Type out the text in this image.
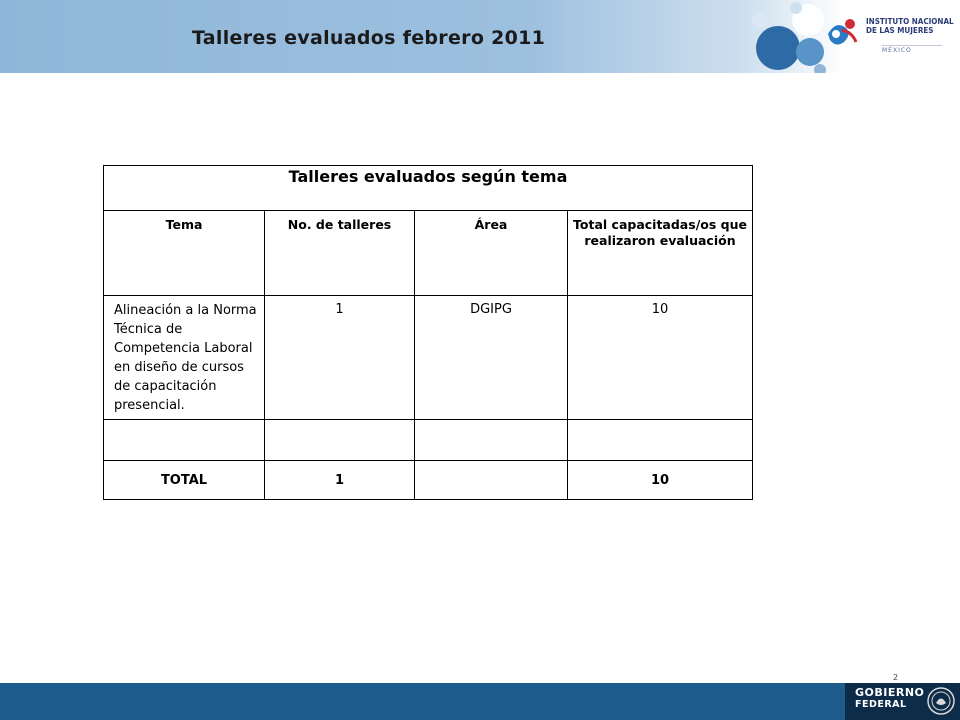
Talleres evaluados febrero 2011
INSTITUTO NACIONAL DE LAS MUJERES
MÉXICO
Talleres evaluados según tema			
Tema	No. de talleres	Área	Total capacitadas/os que realizaron evaluación
Alineación a la Norma Técnica de Competencia Laboral en diseño de cursos de capacitación presencial.	1	DGIPG	10

TOTAL	1		10
2
GOBIERNO
FEDERAL
